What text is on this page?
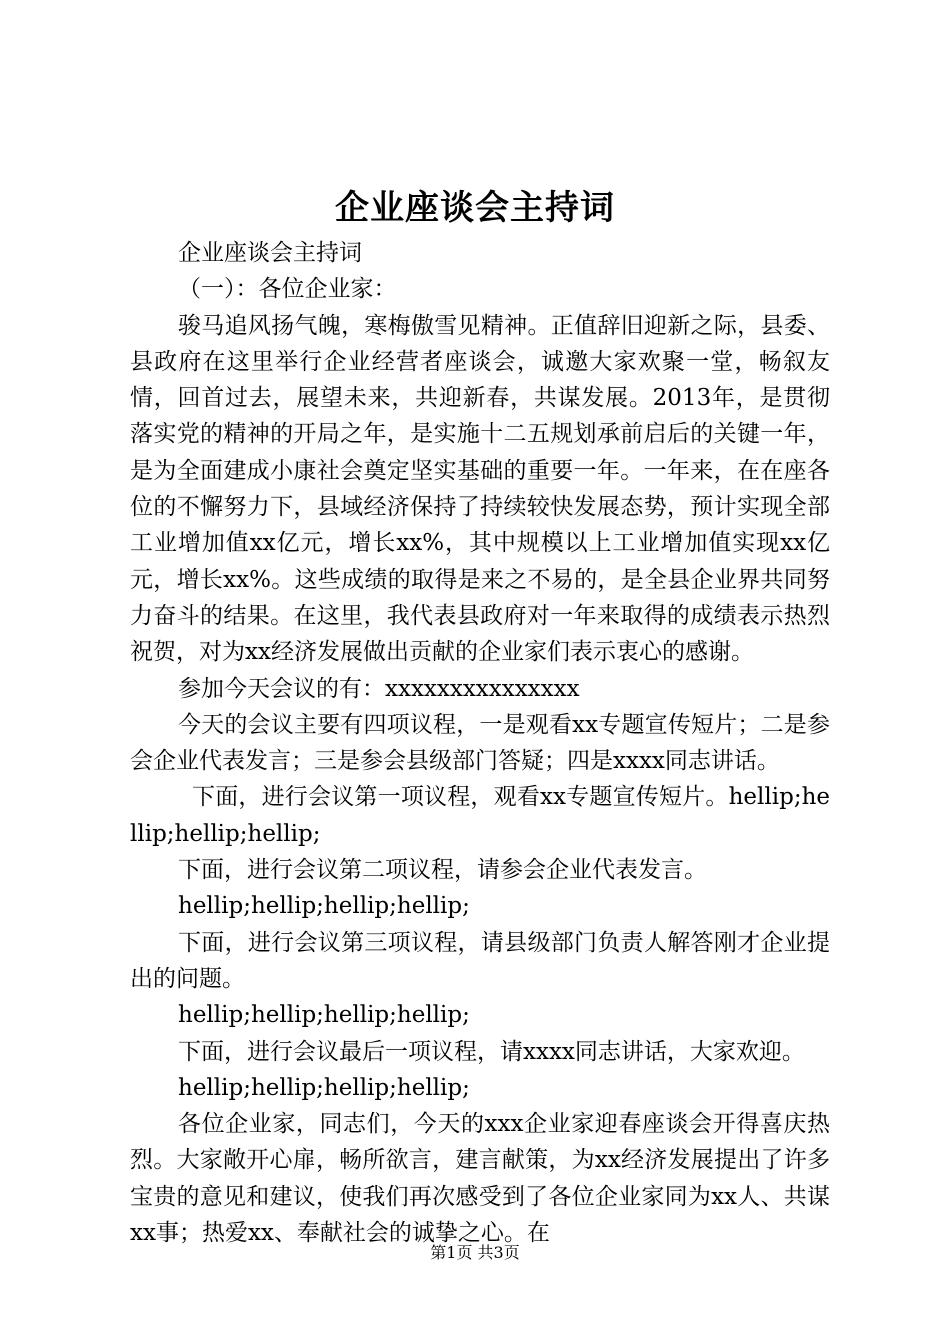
企业座谈会主持词

企业座谈会主持词

（一）：各位企业家：

骏马追风扬气魄，寒梅傲雪见精神。正值辞旧迎新之际，县委、县政府在这里举行企业经营者座谈会，诚邀大家欢聚一堂，畅叙友情，回首过去，展望未来，共迎新春，共谋发展。2013年，是贯彻落实党的精神的开局之年，是实施十二五规划承前启后的关键一年，是为全面建成小康社会奠定坚实基础的重要一年。一年来，在在座各位的不懈努力下，县域经济保持了持续较快发展态势，预计实现全部工业增加值xx亿元，增长xx%，其中规模以上工业增加值实现xx亿元，增长xx%。这些成绩的取得是来之不易的，是全县企业界共同努力奋斗的结果。在这里，我代表县政府对一年来取得的成绩表示热烈祝贺，对为xx经济发展做出贡献的企业家们表示衷心的感谢。

参加今天会议的有：xxxxxxxxxxxxxxx

今天的会议主要有四项议程，一是观看xx专题宣传短片；二是参会企业代表发言；三是参会县级部门答疑；四是xxxx同志讲话。

下面，进行会议第一项议程，观看xx专题宣传短片。hellip;hellip;hellip;hellip;

下面，进行会议第二项议程，请参会企业代表发言。

hellip;hellip;hellip;hellip;

下面，进行会议第三项议程，请县级部门负责人解答刚才企业提出的问题。

hellip;hellip;hellip;hellip;

下面，进行会议最后一项议程，请xxxx同志讲话，大家欢迎。

hellip;hellip;hellip;hellip;

各位企业家，同志们，今天的xxx企业家迎春座谈会开得喜庆热烈。大家敞开心扉，畅所欲言，建言献策，为xx经济发展提出了许多宝贵的意见和建议，使我们再次感受到了各位企业家同为xx人、共谋xx事；热爱xx、奉献社会的诚挚之心。在

第1页 共3页
